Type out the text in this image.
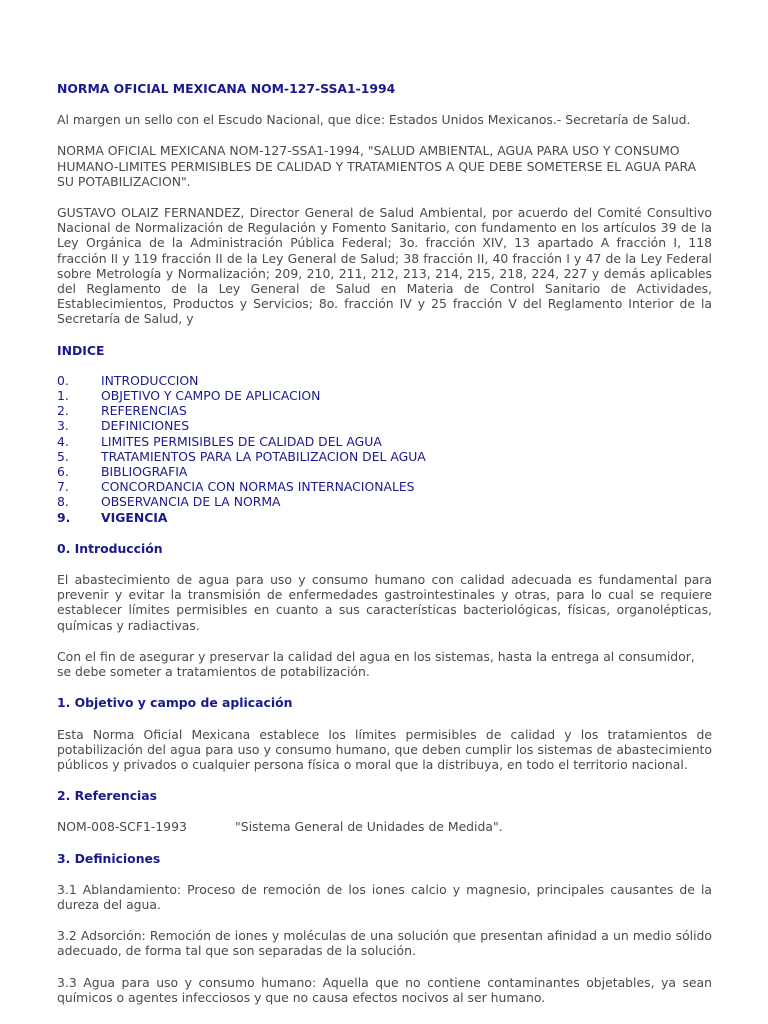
NORMA OFICIAL MEXICANA NOM-127-SSA1-1994

Al margen un sello con el Escudo Nacional, que dice: Estados Unidos Mexicanos.- Secretaría de Salud.

NORMA OFICIAL MEXICANA NOM-127-SSA1-1994, "SALUD AMBIENTAL, AGUA PARA USO Y CONSUMO HUMANO-LIMITES PERMISIBLES DE CALIDAD Y TRATAMIENTOS A QUE DEBE SOMETERSE EL AGUA PARA SU POTABILIZACION".

GUSTAVO OLAIZ FERNANDEZ, Director General de Salud Ambiental, por acuerdo del Comité Consultivo Nacional de Normalización de Regulación y Fomento Sanitario, con fundamento en los artículos 39 de la Ley Orgánica de la Administración Pública Federal; 3o. fracción XIV, 13 apartado A fracción I, 118 fracción II y 119 fracción II de la Ley General de Salud; 38 fracción II, 40 fracción I y 47 de la Ley Federal sobre Metrología y Normalización; 209, 210, 211, 212, 213, 214, 215, 218, 224, 227 y demás aplicables del Reglamento de la Ley General de Salud en Materia de Control Sanitario de Actividades, Establecimientos, Productos y Servicios; 8o. fracción IV y 25 fracción V del Reglamento Interior de la Secretaría de Salud, y

INDICE

0.	INTRODUCCION
1.	OBJETIVO Y CAMPO DE APLICACION
2.	REFERENCIAS
3.	DEFINICIONES
4.	LIMITES PERMISIBLES DE CALIDAD DEL AGUA
5.	TRATAMIENTOS PARA LA POTABILIZACION DEL AGUA
6.	BIBLIOGRAFIA
7.	CONCORDANCIA CON NORMAS INTERNACIONALES
8.	OBSERVANCIA DE LA NORMA
9.	VIGENCIA

0. Introducción

El abastecimiento de agua para uso y consumo humano con calidad adecuada es fundamental para prevenir y evitar la transmisión de enfermedades gastrointestinales y otras, para lo cual se requiere establecer límites permisibles en cuanto a sus características bacteriológicas, físicas, organolépticas, químicas y radiactivas.

Con el fin de asegurar y preservar la calidad del agua en los sistemas, hasta la entrega al consumidor, se debe someter a tratamientos de potabilización.

1. Objetivo y campo de aplicación

Esta Norma Oficial Mexicana establece los límites permisibles de calidad y los tratamientos de potabilización del agua para uso y consumo humano, que deben cumplir los sistemas de abastecimiento públicos y privados o cualquier persona física o moral que la distribuya, en todo el territorio nacional.

2. Referencias

NOM-008-SCF1-1993	"Sistema General de Unidades de Medida".

3. Definiciones

3.1 Ablandamiento: Proceso de remoción de los iones calcio y magnesio, principales causantes de la dureza del agua.

3.2 Adsorción: Remoción de iones y moléculas de una solución que presentan afinidad a un medio sólido adecuado, de forma tal que son separadas de la solución.

3.3 Agua para uso y consumo humano: Aquella que no contiene contaminantes objetables, ya sean químicos o agentes infecciosos y que no causa efectos nocivos al ser humano.
